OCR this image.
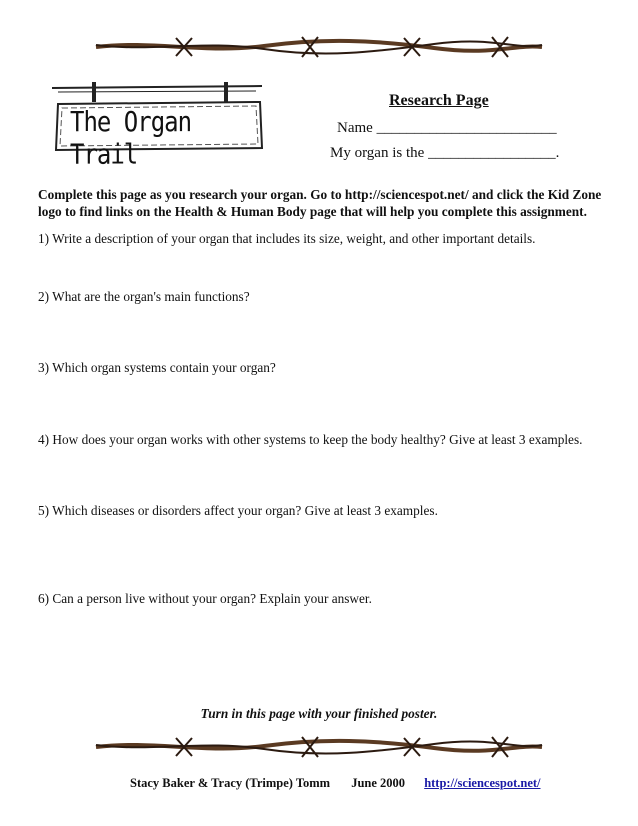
The Organ Trail
Research Page
Name ________________________
My organ is the _________________.
Complete this page as you research your organ. Go to http://sciencespot.net/ and click the Kid Zone logo to find links on the Health & Human Body page that will help you complete this assignment.
1) Write a description of your organ that includes its size, weight, and other important details.
2) What are the organ's main functions?
3) Which organ systems contain your organ?
4) How does your organ works with other systems to keep the body healthy? Give at least 3 examples.
5) Which diseases or disorders affect your organ? Give at least 3 examples.
6) Can a person live without your organ? Explain your answer.
Turn in this page with your finished poster.
Stacy Baker & Tracy (Trimpe) Tomm June 2000 http://sciencespot.net/
